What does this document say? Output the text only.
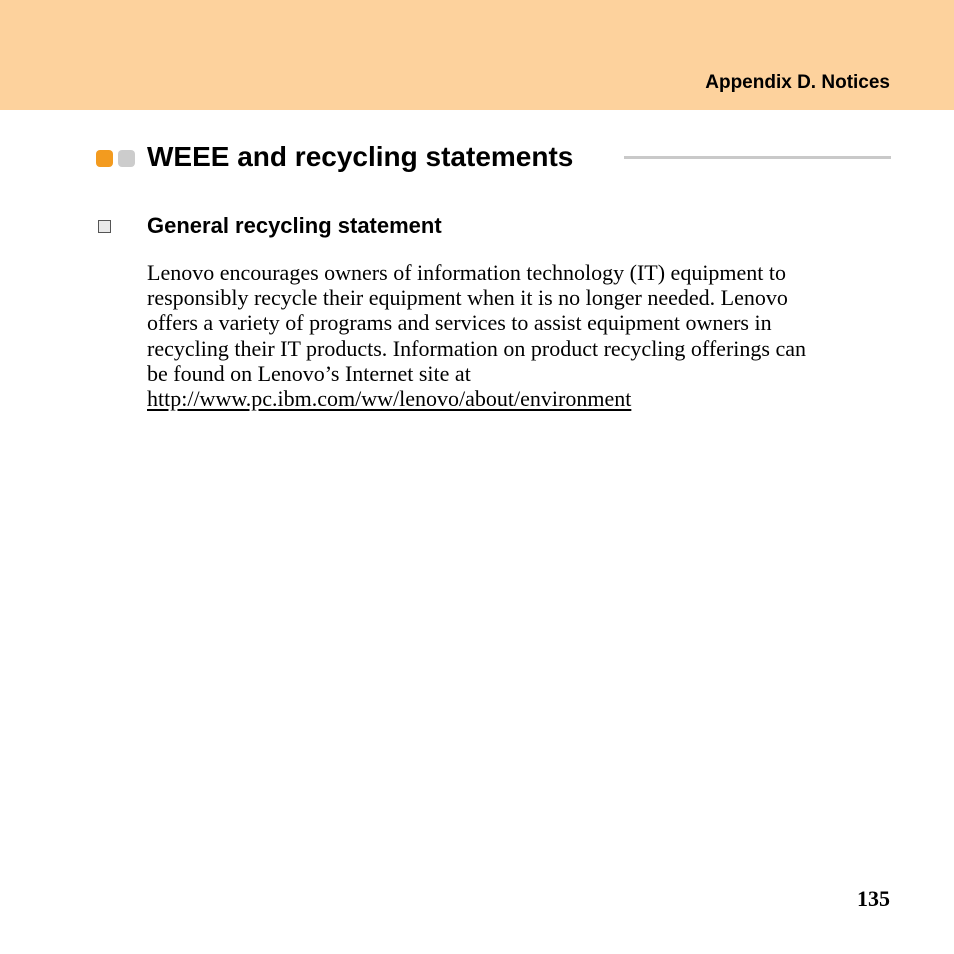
Appendix D. Notices
WEEE and recycling statements
General recycling statement
Lenovo encourages owners of information technology (IT) equipment to
responsibly recycle their equipment when it is no longer needed. Lenovo
offers a variety of programs and services to assist equipment owners in
recycling their IT products. Information on product recycling offerings can
be found on Lenovo’s Internet site at
http://www.pc.ibm.com/ww/lenovo/about/environment
135
